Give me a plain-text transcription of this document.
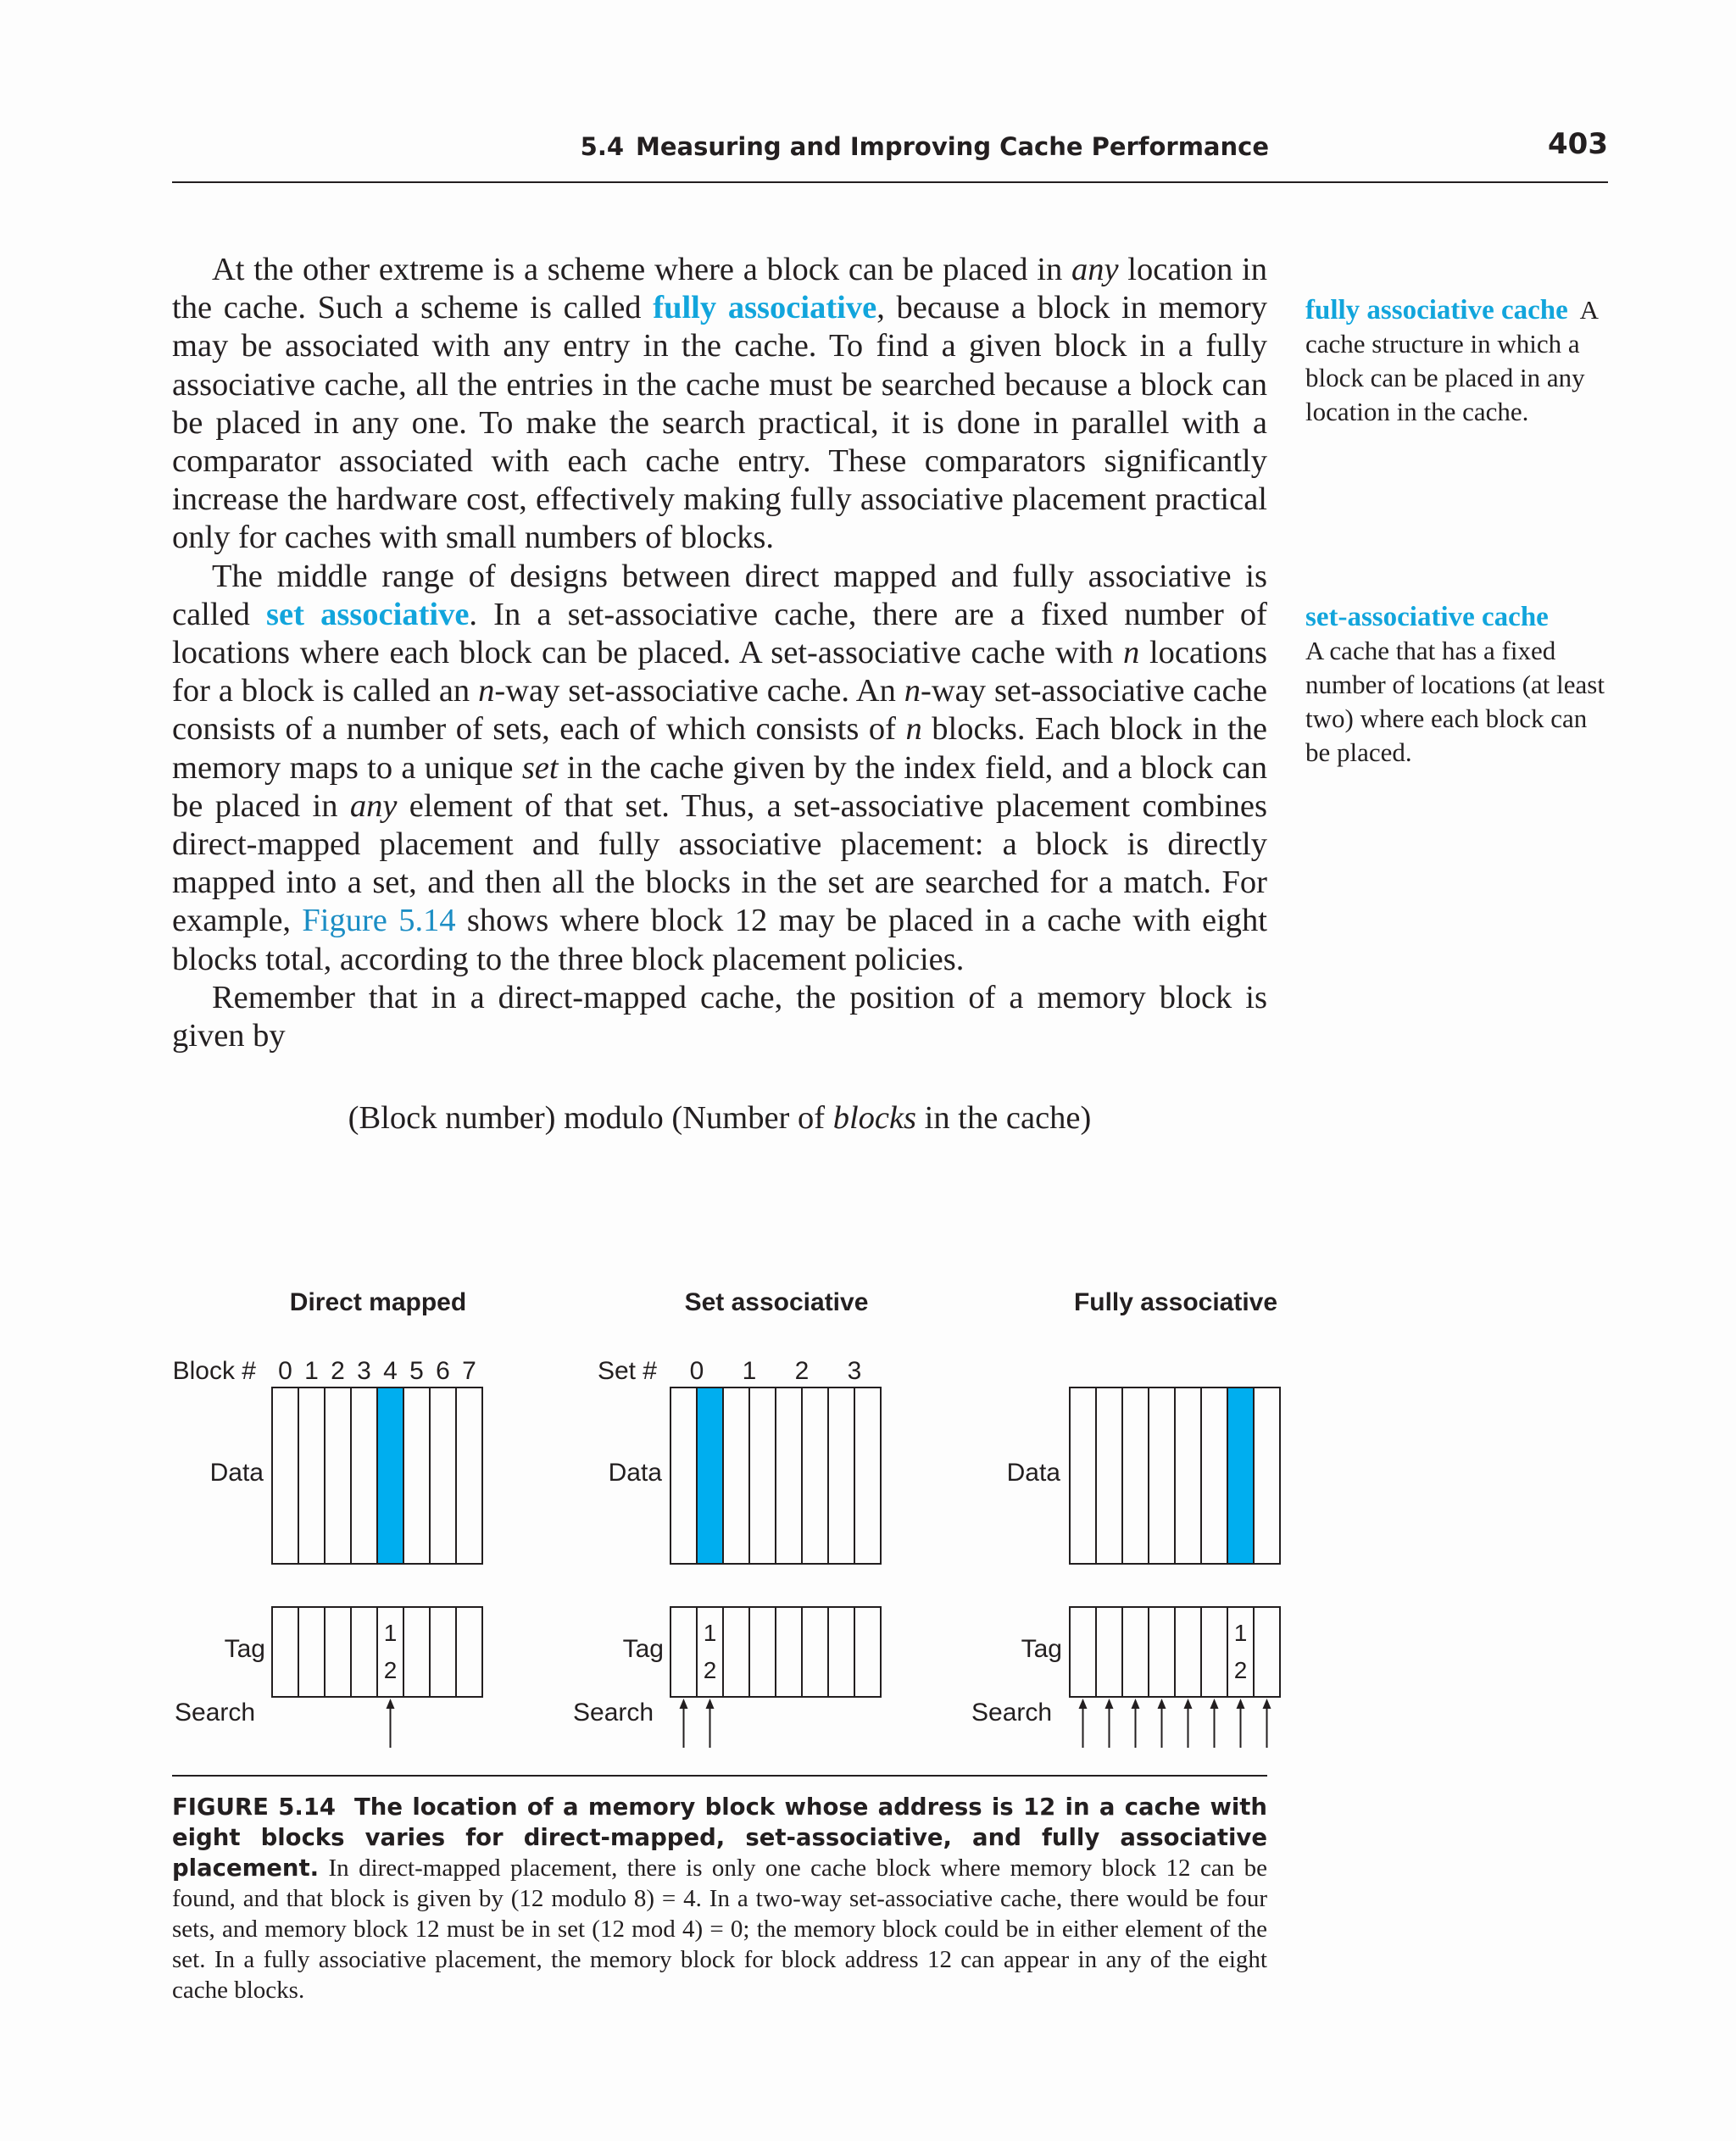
5.4 Measuring and Improving Cache Performance	403

At the other extreme is a scheme where a block can be placed in any location in the cache. Such a scheme is called fully associative, because a block in memory may be associated with any entry in the cache. To find a given block in a fully associative cache, all the entries in the cache must be searched because a block can be placed in any one. To make the search practical, it is done in parallel with a comparator associated with each cache entry. These comparators significantly increase the hardware cost, effectively making fully associative placement practical only for caches with small numbers of blocks.

The middle range of designs between direct mapped and fully associative is called set associative. In a set-associative cache, there are a fixed number of locations where each block can be placed. A set-associative cache with n locations for a block is called an n-way set-associative cache. An n-way set-associative cache consists of a number of sets, each of which consists of n blocks. Each block in the memory maps to a unique set in the cache given by the index field, and a block can be placed in any element of that set. Thus, a set-associative placement combines direct-mapped placement and fully associative placement: a block is directly mapped into a set, and then all the blocks in the set are searched for a match. For example, Figure 5.14 shows where block 12 may be placed in a cache with eight blocks total, according to the three block placement policies.

Remember that in a direct-mapped cache, the position of a memory block is given by

(Block number) modulo (Number of blocks in the cache)
fully associative cache A cache structure in which a block can be placed in any location in the cache.
set-associative cache
A cache that has a fixed number of locations (at least two) where each block can be placed.
Direct mapped
Block # 0 1 2 3 4 5 6 7
Data
Tag
1
2
Search
Set associative
Set # 0 1 2 3
Data
Tag
1
2
Search
Fully associative
Data
Tag
1
2
Search
FIGURE 5.14 The location of a memory block whose address is 12 in a cache with eight blocks varies for direct-mapped, set-associative, and fully associative placement. In direct-mapped placement, there is only one cache block where memory block 12 can be found, and that block is given by (12 modulo 8) = 4. In a two-way set-associative cache, there would be four sets, and memory block 12 must be in set (12 mod 4) = 0; the memory block could be in either element of the set. In a fully associative placement, the memory block for block address 12 can appear in any of the eight cache blocks.
